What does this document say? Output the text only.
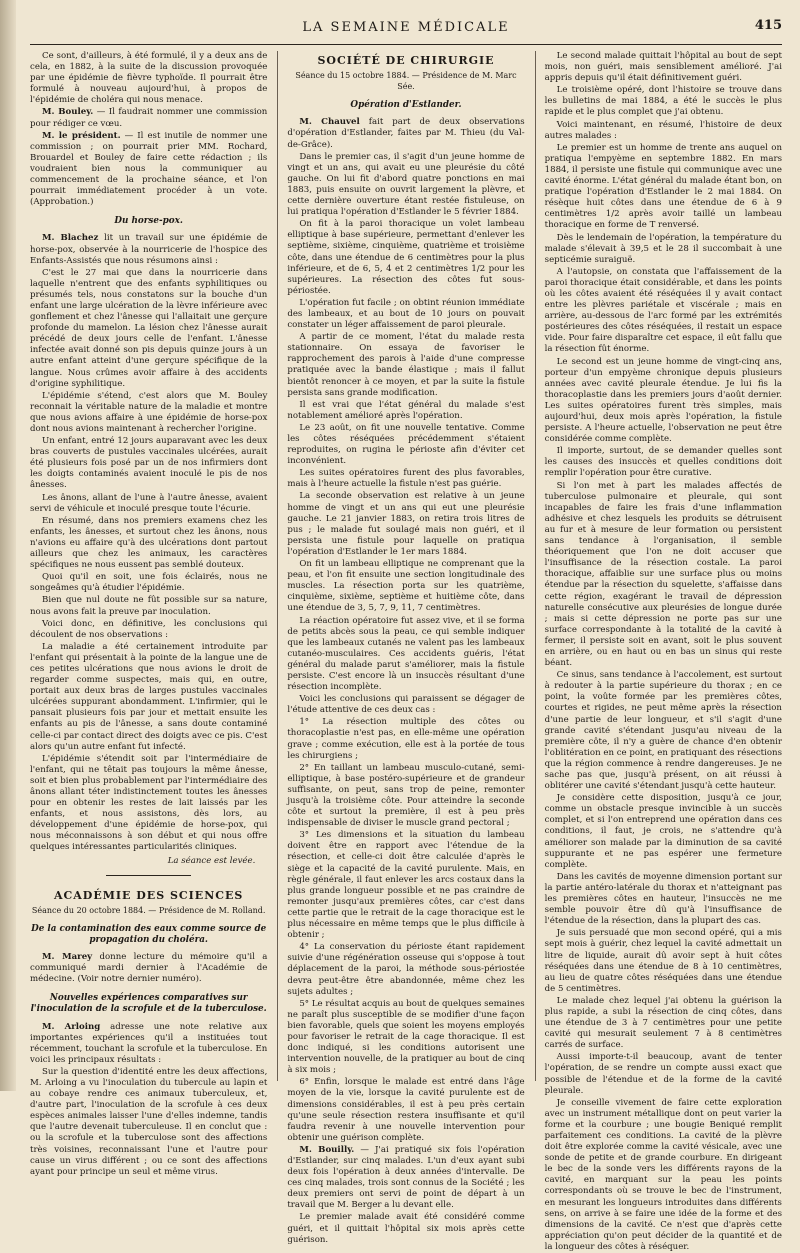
LA SEMAINE MÉDICALE	415

Ce sont, d'ailleurs, à été formulé, il y a deux ans de cela, en 1882, à la suite de la discussion provoquée par une épidémie de fièvre typhoïde. Il pourrait être formulé à nouveau aujourd'hui, à propos de l'épidémie de choléra qui nous menace.

M. Bouley. — Il faudrait nommer une commission pour rédiger ce vœu.

M. le président. — Il est inutile de nommer une commission ; on pourrait prier MM. Rochard, Brouardel et Bouley de faire cette rédaction ; ils voudraient bien nous la communiquer au commencement de la prochaine séance, et l'on pourrait immédiatement procéder à un vote. (Approbation.)

Du horse-pox.

M. Blachez lit un travail sur une épidémie de horse-pox, observée à la nourricerie de l'hospice des Enfants-Assistés que nous résumons ainsi :

C'est le 27 mai que dans la nourricerie dans laquelle n'entrent que des enfants syphilitiques ou présumés tels, nous constatons sur la bouche d'un enfant une large ulcération de la lèvre inférieure avec gonflement et chez l'ânesse qui l'allaitait une gerçure profonde du mamelon. La lésion chez l'ânesse aurait précédé de deux jours celle de l'enfant. L'ânesse infectée avait donné son pis depuis quinze jours à un autre enfant atteint d'une gerçure spécifique de la langue. Nous crûmes avoir affaire à des accidents d'origine syphilitique.

L'épidémie s'étend, c'est alors que M. Bouley reconnait la véritable nature de la maladie et montre que nous avions affaire à une épidémie de horse-pox dont nous avions maintenant à rechercher l'origine.

Un enfant, entré 12 jours auparavant avec les deux bras couverts de pustules vaccinales ulcérées, aurait été plusieurs fois posé par un de nos infirmiers dont les doigts contaminés avaient inoculé le pis de nos ânesses.

Les ânons, allant de l'une à l'autre ânesse, avaient servi de véhicule et inoculé presque toute l'écurie.

En résumé, dans nos premiers examens chez les enfants, les ânesses, et surtout chez les ânons, nous n'avions eu affaire qu'à des ulcérations dont partout ailleurs que chez les animaux, les caractères spécifiques ne nous eussent pas semblé douteux.

Quoi qu'il en soit, une fois éclairés, nous ne songeâmes qu'à étudier l'épidémie.

Bien que nul doute ne fût possible sur sa nature, nous avons fait la preuve par inoculation.

Voici donc, en définitive, les conclusions qui découlent de nos observations :

La maladie a été certainement introduite par l'enfant qui présentait à la pointe de la langue une de ces petites ulcérations que nous avions le droit de regarder comme suspectes, mais qui, en outre, portait aux deux bras de larges pustules vaccinales ulcérées suppurant abondamment. L'infirmier, qui le pansait plusieurs fois par jour et mettait ensuite les enfants au pis de l'ânesse, a sans doute contaminé celle-ci par contact direct des doigts avec ce pis. C'est alors qu'un autre enfant fut infecté.

L'épidémie s'étendit soit par l'intermédiaire de l'enfant, qui ne têtait pas toujours la même ânesse, soit et bien plus probablement par l'intermédiaire des ânons allant téter indistinctement toutes les ânesses pour en obtenir les restes de lait laissés par les enfants, et nous assistons, dès lors, au développement d'une épidémie de horse-pox, qui nous méconnaissons à son début et qui nous offre quelques intéressantes particularités cliniques.

La séance est levée.
ACADÉMIE DES SCIENCES
Séance du 20 octobre 1884. — Présidence de M. Rolland.
De la contamination des eaux comme source de propagation du choléra.

M. Marey donne lecture du mémoire qu'il a communiqué mardi dernier à l'Académie de médecine. (Voir notre dernier numéro).

Nouvelles expériences comparatives sur l'inoculation de la scrofule et de la tuberculose.

M. Arloing adresse une note relative aux importantes expériences qu'il a instituées tout récemment, touchant la scrofule et la tuberculose. En voici les principaux résultats :

Sur la question d'identité entre les deux affections, M. Arloing a vu l'inoculation du tubercule au lapin et au cobaye rendre ces animaux tuberculeux, et, d'autre part, l'inoculation de la scrofule à ces deux espèces animales laisser l'une d'elles indemne, tandis que l'autre devenait tuberculeuse. Il en conclut que : ou la scrofule et la tuberculose sont des affections très voisines, reconnaissant l'une et l'autre pour cause un virus différent ; ou ce sont des affections ayant pour principe un seul et même virus.

SOCIÉTÉ DE CHIRURGIE
Séance du 15 octobre 1884. — Présidence de M. Marc Sée.
Opération d'Estlander.

M. Chauvel fait part de deux observations d'opération d'Estlander, faites par M. Thieu (du Val-de-Grâce).

Dans le premier cas, il s'agit d'un jeune homme de vingt et un ans, qui avait eu une pleurésie du côté gauche. On lui fit d'abord quatre ponctions en mai 1883, puis ensuite on ouvrit largement la plèvre, et cette dernière ouverture étant restée fistuleuse, on lui pratiqua l'opération d'Estlander le 5 février 1884.

On fit à la paroi thoracique un volet lambeau elliptique à base supérieure, permettant d'enlever les septième, sixième, cinquième, quatrième et troisième côte, dans une étendue de 6 centimètres pour la plus inférieure, et de 6, 5, 4 et 2 centimètres 1/2 pour les supérieures. La résection des côtes fut sous-périostée.

L'opération fut facile ; on obtint réunion immédiate des lambeaux, et au bout de 10 jours on pouvait constater un léger affaissement de paroi pleurale.

A partir de ce moment, l'état du malade resta stationnaire. On essaya de favoriser le rapprochement des parois à l'aide d'une compresse pratiquée avec la bande élastique ; mais il fallut bientôt renoncer à ce moyen, et par la suite la fistule persista sans grande modification.

Il est vrai que l'état général du malade s'est notablement amélioré après l'opération.

Le 23 août, on fit une nouvelle tentative. Comme les côtes réséquées précédemment s'étaient reproduites, on rugina le périoste afin d'éviter cet inconvénient.

Les suites opératoires furent des plus favorables, mais à l'heure actuelle la fistule n'est pas guérie.

La seconde observation est relative à un jeune homme de vingt et un ans qui eut une pleurésie gauche. Le 21 janvier 1883, on retira trois litres de pus ; le malade fut soulagé mais non guéri, et il persista une fistule pour laquelle on pratiqua l'opération d'Estlander le 1er mars 1884.

On fit un lambeau elliptique ne comprenant que la peau, et l'on fit ensuite une section longitudinale des muscles. La résection porta sur les quatrième, cinquième, sixième, septième et huitième côte, dans une étendue de 3, 5, 7, 9, 11, 7 centimètres.

La réaction opératoire fut assez vive, et il se forma de petits abcès sous la peau, ce qui semble indiquer que les lambeaux cutanés ne valent pas les lambeaux cutanéo-musculaires. Ces accidents guéris, l'état général du malade parut s'améliorer, mais la fistule persiste. C'est encore là un insuccès résultant d'une résection incomplète.

Voici les conclusions qui paraissent se dégager de l'étude attentive de ces deux cas :

1° La résection multiple des côtes ou thoracoplastie n'est pas, en elle-même une opération grave ; comme exécution, elle est à la portée de tous les chirurgiens ;

2° En taillant un lambeau musculo-cutané, semi-elliptique, à base postéro-supérieure et de grandeur suffisante, on peut, sans trop de peine, remonter jusqu'à la troisième côte. Pour atteindre la seconde côte et surtout la première, il est à peu près indispensable de diviser le muscle grand pectoral ;

3° Les dimensions et la situation du lambeau doivent être en rapport avec l'étendue de la résection, et celle-ci doit être calculée d'après le siège et la capacité de la cavité purulente. Mais, en règle générale, il faut enlever les arcs costaux dans la plus grande longueur possible et ne pas craindre de remonter jusqu'aux premières côtes, car c'est dans cette partie que le retrait de la cage thoracique est le plus nécessaire en même temps que le plus difficile à obtenir ;

4° La conservation du périoste étant rapidement suivie d'une régénération osseuse qui s'oppose à tout déplacement de la paroi, la méthode sous-périostée devra peut-être être abandonnée, même chez les sujets adultes ;

5° Le résultat acquis au bout de quelques semaines ne paraît plus susceptible de se modifier d'une façon bien favorable, quels que soient les moyens employés pour favoriser le retrait de la cage thoracique. Il est donc indiqué, si les conditions autorisent une intervention nouvelle, de la pratiquer au bout de cinq à six mois ;

6° Enfin, lorsque le malade est entré dans l'âge moyen de la vie, lorsque la cavité purulente est de dimensions considérables, il est à peu près certain qu'une seule résection restera insuffisante et qu'il faudra revenir à une nouvelle intervention pour obtenir une guérison complète.

M. Bouilly. — J'ai pratiqué six fois l'opération d'Estlander, sur cinq malades. L'un d'eux ayant subi deux fois l'opération à deux années d'intervalle. De ces cinq malades, trois sont connus de la Société ; les deux premiers ont servi de point de départ à un travail que M. Berger a lu devant elle.

Le premier malade avait été considéré comme guéri, et il quittait l'hôpital six mois après cette guérison.

Le second malade quittait l'hôpital au bout de sept mois, non guéri, mais sensiblement amélioré. J'ai appris depuis qu'il était définitivement guéri.

Le troisième opéré, dont l'histoire se trouve dans les bulletins de mai 1884, a été le succès le plus rapide et le plus complet que j'ai obtenu.

Voici maintenant, en résumé, l'histoire de deux autres malades :

Le premier est un homme de trente ans auquel on pratiqua l'empyème en septembre 1882. En mars 1884, il persiste une fistule qui communique avec une cavité énorme. L'état général du malade étant bon, on pratique l'opération d'Estlander le 2 mai 1884. On résèque huit côtes dans une étendue de 6 à 9 centimètres 1/2 après avoir taillé un lambeau thoracique en forme de T renversé.

Dès le lendemain de l'opération, la température du malade s'élevait à 39,5 et le 28 il succombait à une septicémie suraiguë.

A l'autopsie, on constata que l'affaissement de la paroi thoracique était considérable, et dans les points où les côtes avaient été réséquées il y avait contact entre les plèvres pariétale et viscérale ; mais en arrière, au-dessous de l'arc formé par les extrémités postérieures des côtes réséquées, il restait un espace vide. Pour faire disparaître cet espace, il eût fallu que la résection fût énorme.

Le second est un jeune homme de vingt-cinq ans, porteur d'un empyème chronique depuis plusieurs années avec cavité pleurale étendue. Je lui fis la thoracoplastie dans les premiers jours d'août dernier. Les suites opératoires furent très simples, mais aujourd'hui, deux mois après l'opération, la fistule persiste. A l'heure actuelle, l'observation ne peut être considérée comme complète.

Il importe, surtout, de se demander quelles sont les causes des insuccès et quelles conditions doit remplir l'opération pour être curative.

Si l'on met à part les malades affectés de tuberculose pulmonaire et pleurale, qui sont incapables de faire les frais d'une inflammation adhésive et chez lesquels les produits se détruisent au fur et à mesure de leur formation ou persistent sans tendance à l'organisation, il semble théoriquement que l'on ne doit accuser que l'insuffisance de la résection costale. La paroi thoracique, affaiblie sur une surface plus ou moins étendue par la résection du squelette, s'affaisse dans cette région, exagérant le travail de dépression naturelle consécutive aux pleurésies de longue durée ; mais si cette dépression ne porte pas sur une surface correspondante à la totalité de la cavité à fermer, il persiste soit en avant, soit le plus souvent en arrière, ou en haut ou en bas un sinus qui reste béant.

Ce sinus, sans tendance à l'accolement, est surtout à redouter à la partie supérieure du thorax ; en ce point, la voûte formée par les premières côtes, courtes et rigides, ne peut même après la résection d'une partie de leur longueur, et s'il s'agit d'une grande cavité s'étendant jusqu'au niveau de la première côte, il n'y a guère de chance d'en obtenir l'oblitération en ce point, en pratiquant des résections que la région commence à rendre dangereuses. Je ne sache pas que, jusqu'à présent, on ait réussi à oblitérer une cavité s'étendant jusqu'à cette hauteur.

Je considère cette disposition, jusqu'à ce jour, comme un obstacle presque invincible à un succès complet, et si l'on entreprend une opération dans ces conditions, il faut, je crois, ne s'attendre qu'à améliorer son malade par la diminution de sa cavité suppurante et ne pas espérer une fermeture complète.

Dans les cavités de moyenne dimension portant sur la partie antéro-latérale du thorax et n'atteignant pas les premières côtes en hauteur, l'insuccès ne me semble pouvoir être dû qu'à l'insuffisance de l'étendue de la résection, dans la plupart des cas.

Je suis persuadé que mon second opéré, qui a mis sept mois à guérir, chez lequel la cavité admettait un litre de liquide, aurait dû avoir sept à huit côtes réséquées dans une étendue de 8 à 10 centimètres, au lieu de quatre côtes réséquées dans une étendue de 5 centimètres.

Le malade chez lequel j'ai obtenu la guérison la plus rapide, a subi la résection de cinq côtes, dans une étendue de 3 à 7 centimètres pour une petite cavité qui mesurait seulement 7 à 8 centimètres carrés de surface.

Aussi importe-t-il beaucoup, avant de tenter l'opération, de se rendre un compte aussi exact que possible de l'étendue et de la forme de la cavité pleurale.

Je conseille vivement de faire cette exploration avec un instrument métallique dont on peut varier la forme et la courbure ; une bougie Beniqué remplit parfaitement ces conditions. La cavité de la plèvre doit être explorée comme la cavité vésicale, avec une sonde de petite et de grande courbure. En dirigeant le bec de la sonde vers les différents rayons de la cavité, en marquant sur la peau les points correspondants où se trouve le bec de l'instrument, en mesurant les longueurs introduites dans différents sens, on arrive à se faire une idée de la forme et des dimensions de la cavité. Ce n'est que d'après cette appréciation qu'on peut décider de la quantité et de la longueur des côtes à réséquer.
